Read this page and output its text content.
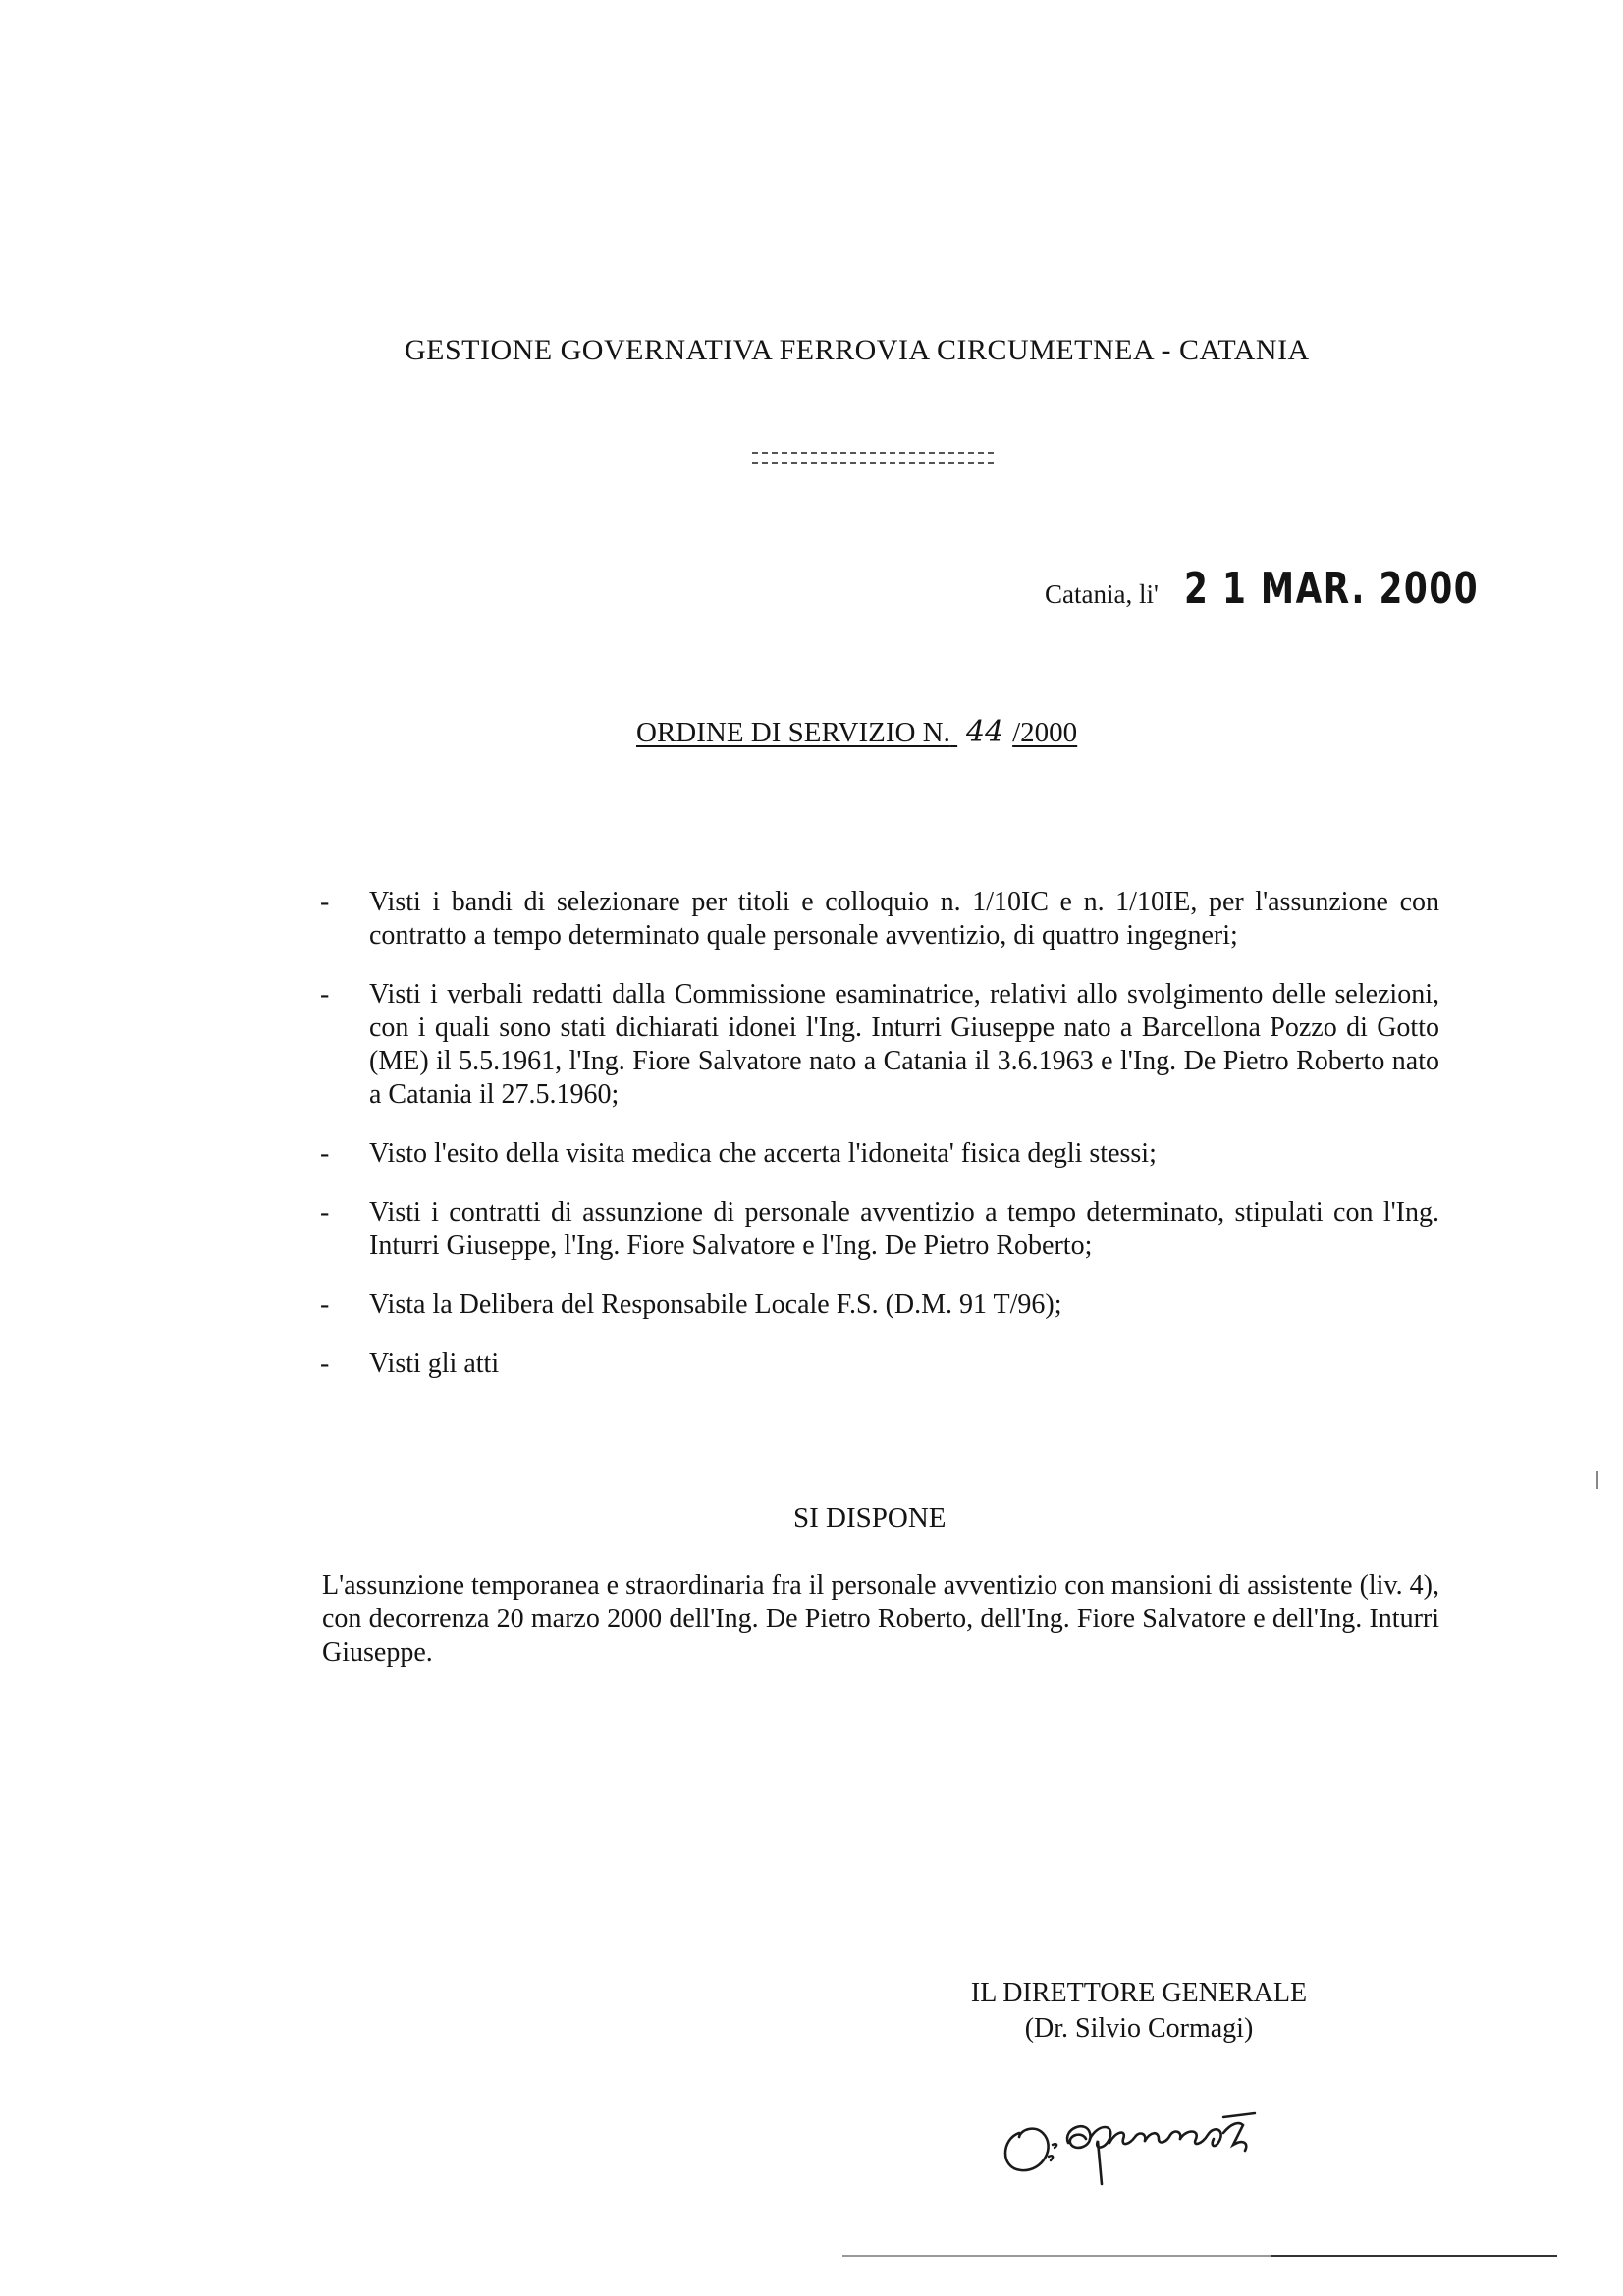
GESTIONE GOVERNATIVA FERROVIA CIRCUMETNEA - CATANIA
Catania, li' 2 1 MAR. 2000
ORDINE DI SERVIZIO N. 44 /2000
- Visti i bandi di selezionare per titoli e colloquio n. 1/10IC e n. 1/10IE, per l'assunzione con contratto a tempo determinato quale personale avventizio, di quattro ingegneri;
- Visti i verbali redatti dalla Commissione esaminatrice, relativi allo svolgimento delle selezioni, con i quali sono stati dichiarati idonei l'Ing. Inturri Giuseppe nato a Barcellona Pozzo di Gotto (ME) il 5.5.1961, l'Ing. Fiore Salvatore nato a Catania il 3.6.1963 e l'Ing. De Pietro Roberto nato a Catania il 27.5.1960;
- Visto l'esito della visita medica che accerta l'idoneita' fisica degli stessi;
- Visti i contratti di assunzione di personale avventizio a tempo determinato, stipulati con l'Ing. Inturri Giuseppe, l'Ing. Fiore Salvatore e l'Ing. De Pietro Roberto;
- Vista la Delibera del Responsabile Locale F.S. (D.M. 91 T/96);
- Visti gli atti
SI DISPONE
L'assunzione temporanea e straordinaria fra il personale avventizio con mansioni di assistente (liv. 4), con decorrenza 20 marzo 2000 dell'Ing. De Pietro Roberto, dell'Ing. Fiore Salvatore e dell'Ing. Inturri Giuseppe.
IL DIRETTORE GENERALE
(Dr. Silvio Cormagi)
